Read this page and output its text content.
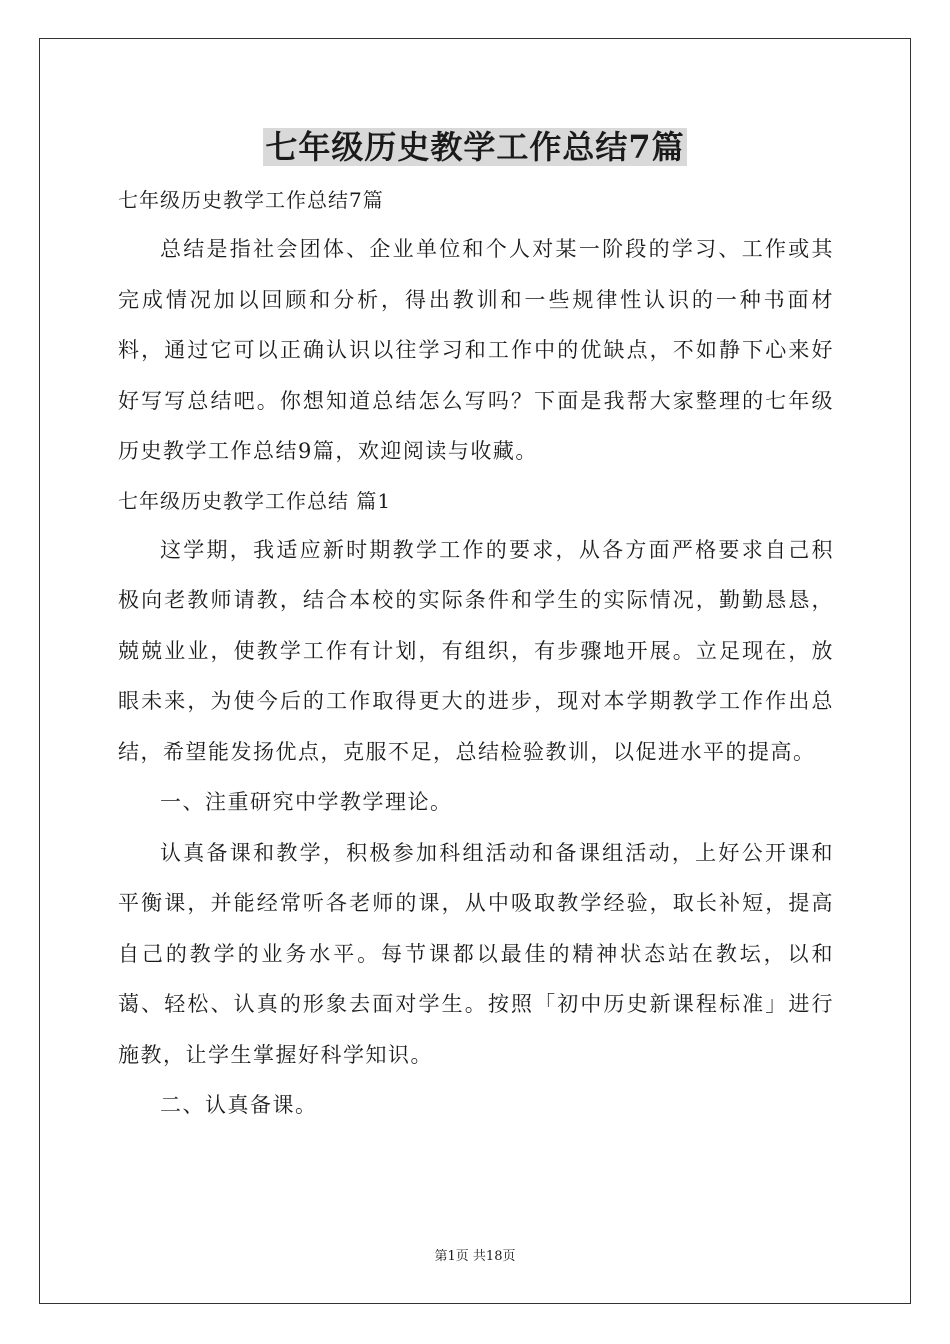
七年级历史教学工作总结7篇

七年级历史教学工作总结7篇

总结是指社会团体、企业单位和个人对某一阶段的学习、工作或其完成情况加以回顾和分析，得出教训和一些规律性认识的一种书面材料，通过它可以正确认识以往学习和工作中的优缺点，不如静下心来好好写写总结吧。你想知道总结怎么写吗？下面是我帮大家整理的七年级历史教学工作总结9篇，欢迎阅读与收藏。

七年级历史教学工作总结 篇1

这学期，我适应新时期教学工作的要求，从各方面严格要求自己积极向老教师请教，结合本校的实际条件和学生的实际情况，勤勤恳恳，兢兢业业，使教学工作有计划，有组织，有步骤地开展。立足现在，放眼未来，为使今后的工作取得更大的进步，现对本学期教学工作作出总结，希望能发扬优点，克服不足，总结检验教训，以促进水平的提高。

一、注重研究中学教学理论。

认真备课和教学，积极参加科组活动和备课组活动，上好公开课和平衡课，并能经常听各老师的课，从中吸取教学经验，取长补短，提高自己的教学的业务水平。每节课都以最佳的精神状态站在教坛，以和蔼、轻松、认真的形象去面对学生。按照「初中历史新课程标准」进行施教，让学生掌握好科学知识。

二、认真备课。

第1页 共18页
